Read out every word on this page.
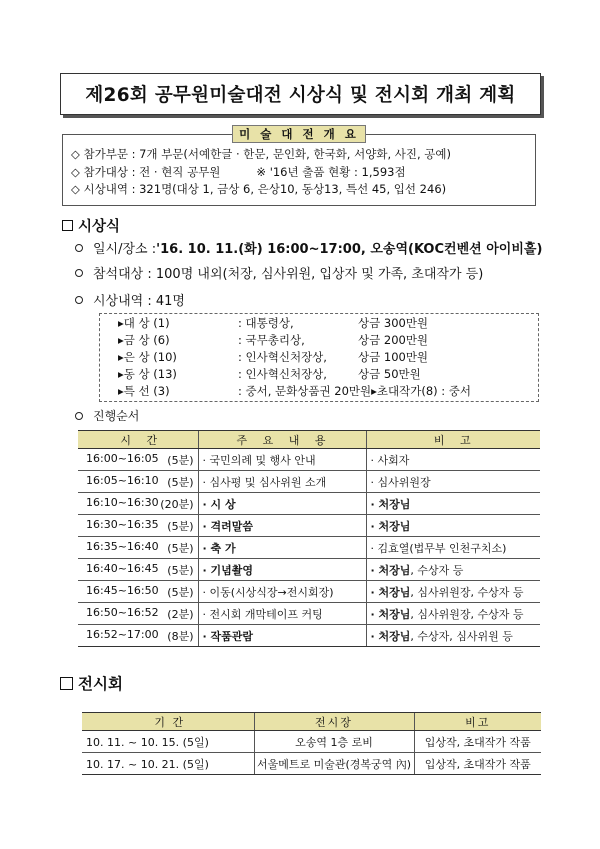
제26회 공무원미술대전 시상식 및 전시회 개최 계획
◇ 참가부문 : 7개 부문(서예한글 · 한문, 문인화, 한국화, 서양화, 사진, 공예)
◇ 참가대상 : 전 · 현직 공무원	※ '16년 출품 현황 : 1,593점
◇ 시상내역 : 321명(대상 1, 금상 6, 은상10, 동상13, 특선 45, 입선 246)
미 술 대 전 개 요
시상식
일시/장소 : '16. 10. 11.(화) 16:00~17:00, 오송역(KOC컨벤션 아이비홀)
참석대상 : 100명 내외(처장, 심사위원, 입상자 및 가족, 초대작가 등)
시상내역 : 41명
▸대 상 (1)	: 대통령상,	상금 300만원
▸금 상 (6)	: 국무총리상,	상금 200만원
▸은 상 (10)	: 인사혁신처장상,	상금 100만원
▸동 상 (13)	: 인사혁신처장상,	상금 50만원
▸특 선 (3)	: 중서, 문화상품권 20만원 ▸초대작가(8) : 중서
진행순서
시 간	주 요 내 용	비 고
16:00~16:05 (5분)	· 국민의례 및 행사 안내	· 사회자
16:05~16:10 (5분)	· 심사평 및 심사위원 소개	· 심사위원장
16:10~16:30 (20분)	· 시 상	· 처장님
16:30~16:35 (5분)	· 격려말씀	· 처장님
16:35~16:40 (5분)	· 축 가	· 김효열(법무부 인천구치소)
16:40~16:45 (5분)	· 기념촬영	· 처장님, 수상자 등
16:45~16:50 (5분)	· 이동(시상식장→전시회장)	· 처장님, 심사위원장, 수상자 등
16:50~16:52 (2분)	· 전시회 개막테이프 커팅	· 처장님, 심사위원장, 수상자 등
16:52~17:00 (8분)	· 작품관람	· 처장님, 수상자, 심사위원 등
전시회
기 간	전시장	비고
10. 11. ~ 10. 15. (5일)	오송역 1층 로비	입상작, 초대작가 작품
10. 17. ~ 10. 21. (5일)	서울메트로 미술관(경복궁역 內)	입상작, 초대작가 작품
